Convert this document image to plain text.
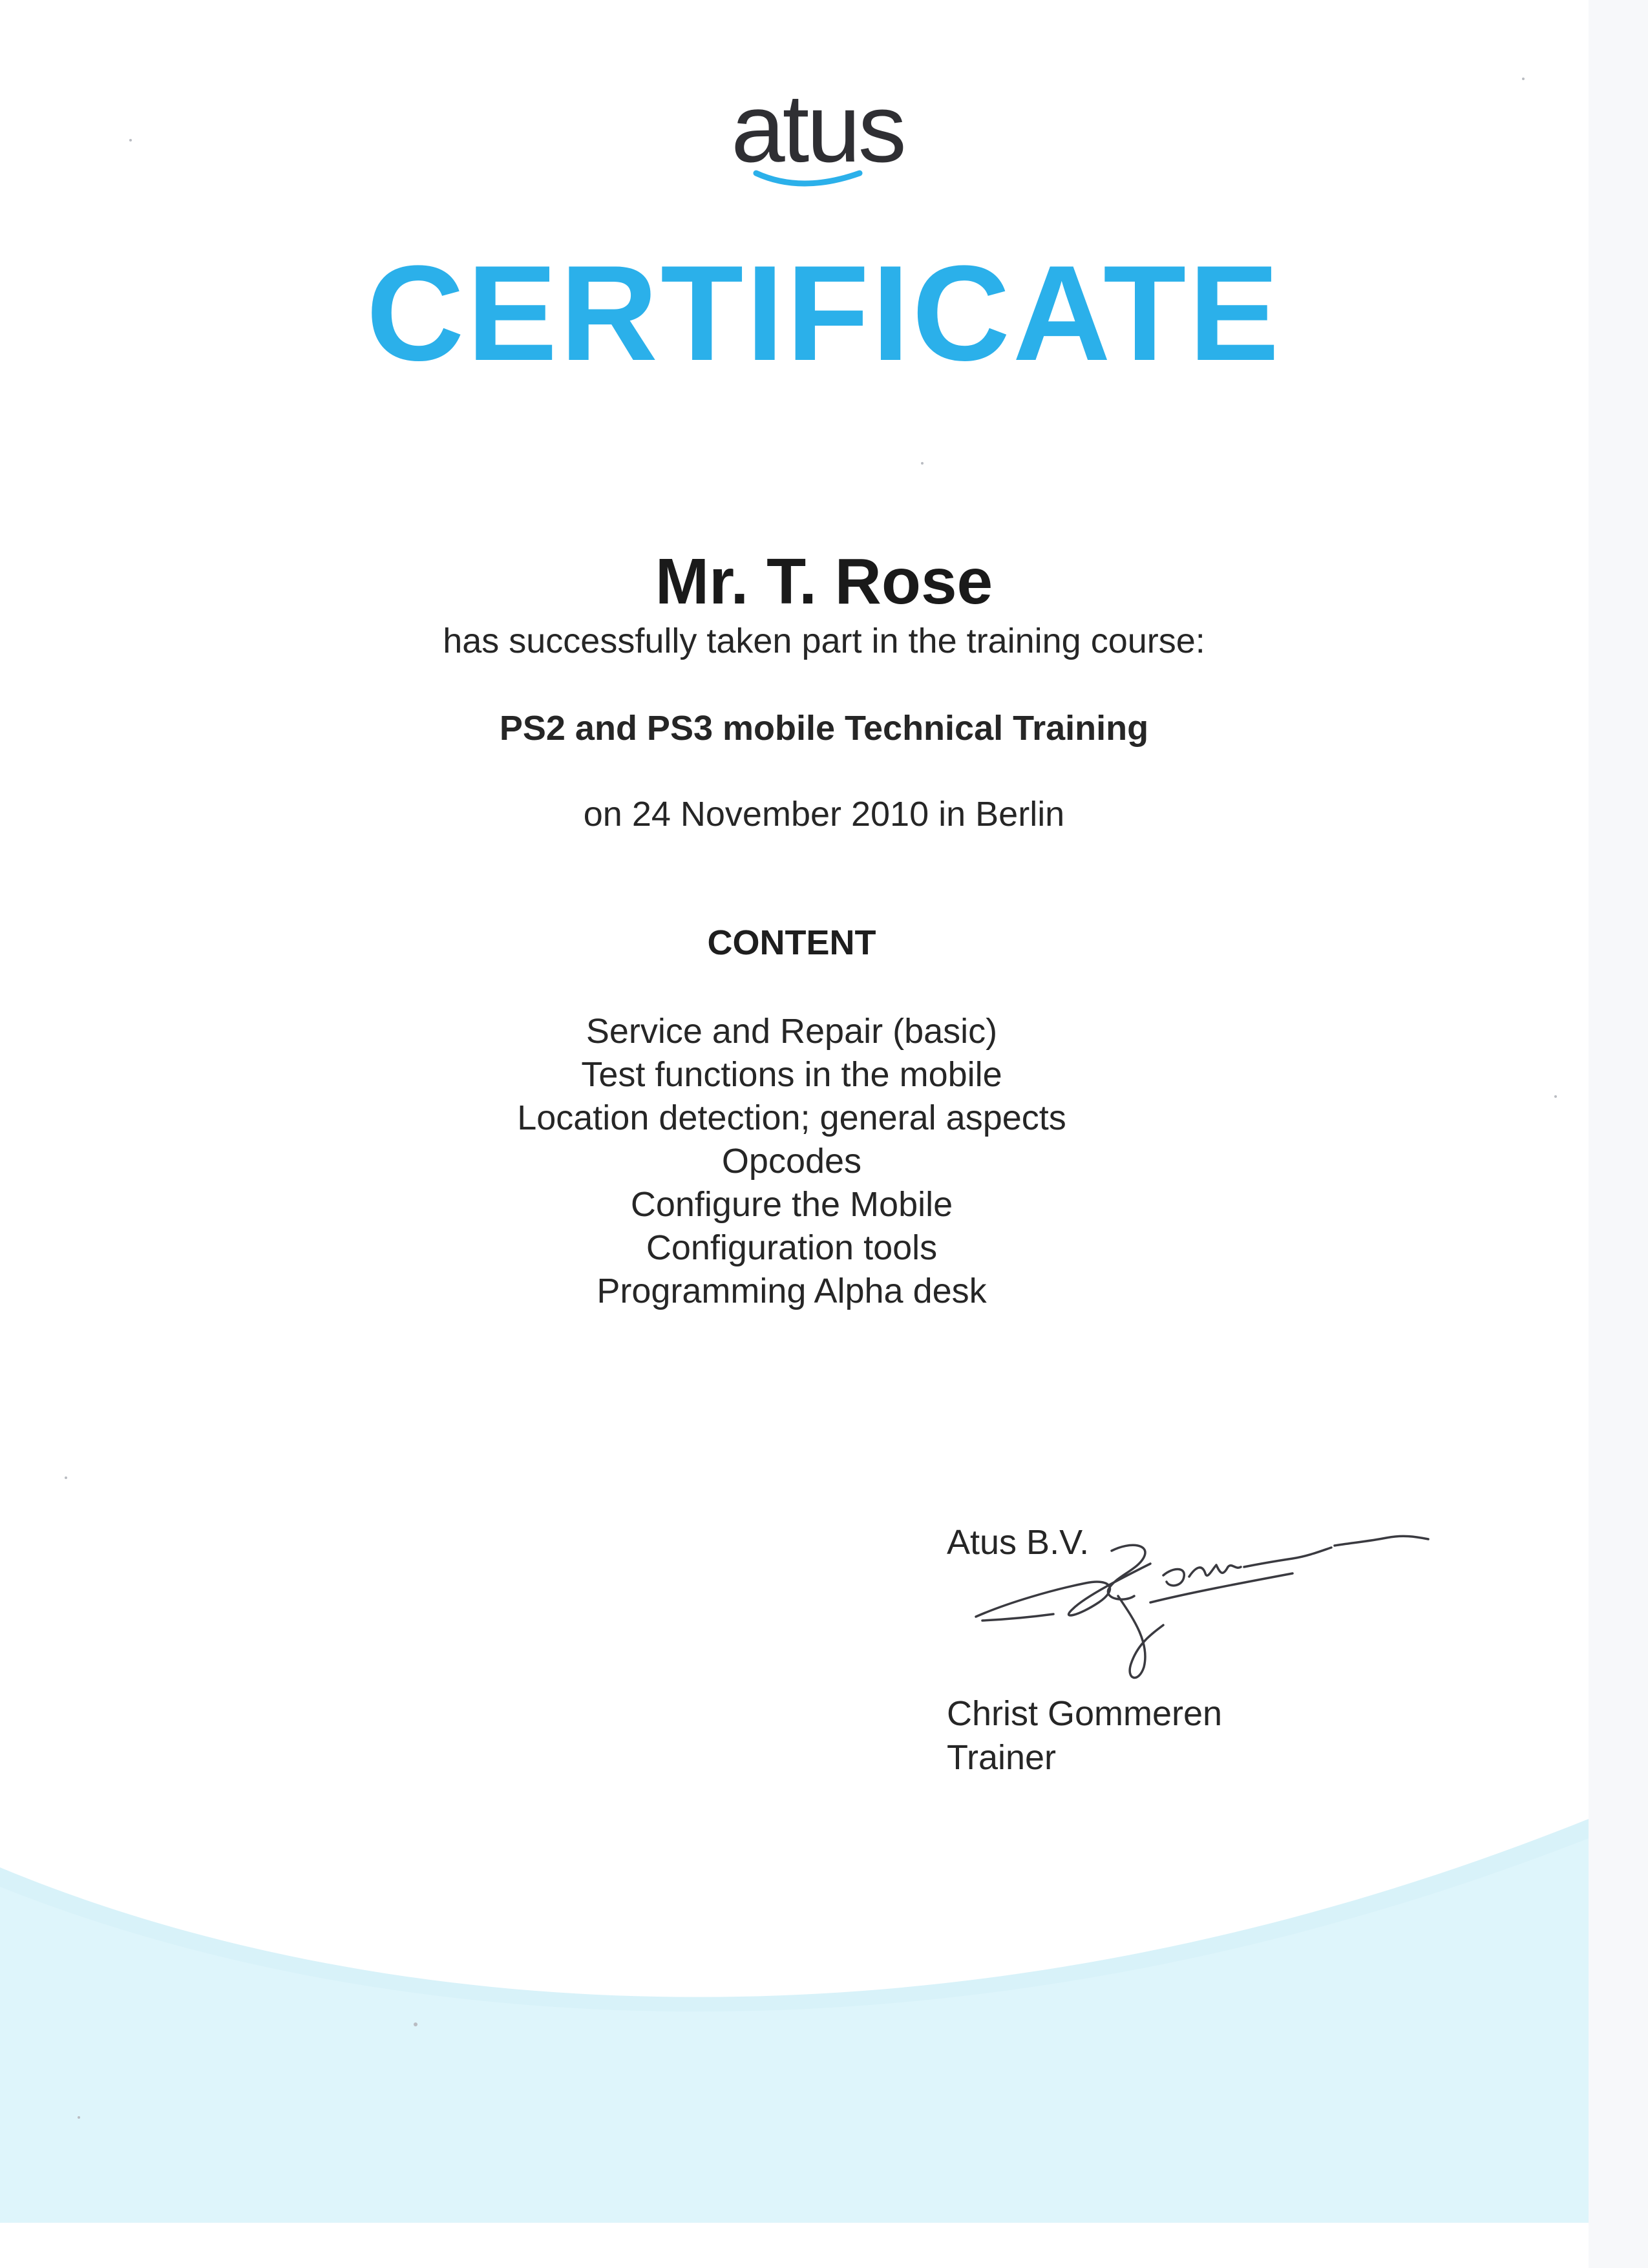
atus
CERTIFICATE
Mr. T. Rose
has successfully taken part in the training course:
PS2 and PS3 mobile Technical Training
on 24 November 2010 in Berlin
CONTENT
Service and Repair (basic)
Test functions in the mobile
Location detection; general aspects
Opcodes
Configure the Mobile
Configuration tools
Programming Alpha desk
Atus B.V.
Christ Gommeren
Trainer
